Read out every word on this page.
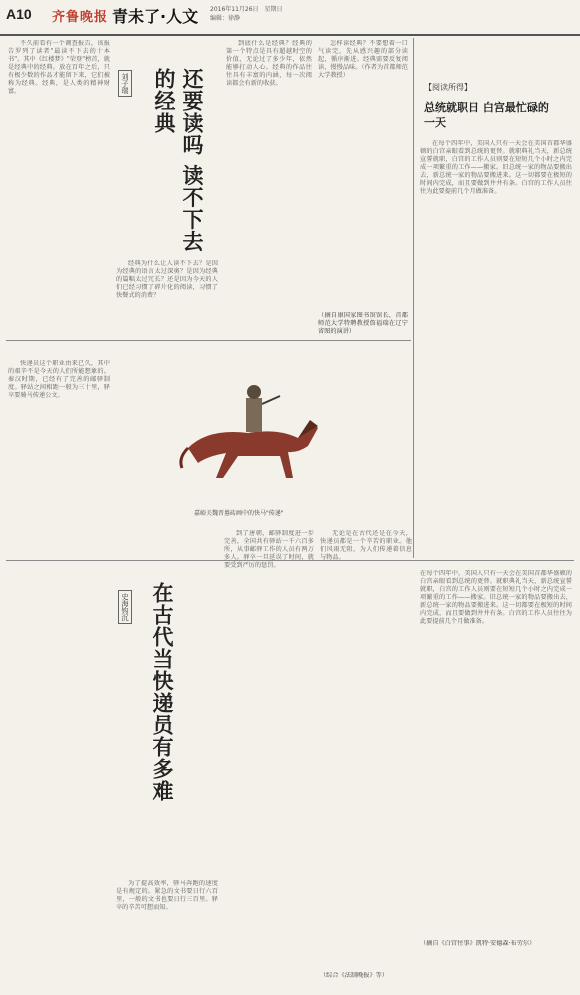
A10 齐鲁晚报 青未了·人文 2016年11月26日　星期日
编辑：徐静
还要读吗 读不下去的经典
刘子瑞

不久前看有一个调查报告，该报告罗列了读者"最读不下去的十本书"。其中《红楼梦》"荣登"榜首，就是经典中的经典。放在百年之后，只有极少数的作品才能留下来，它们被称为经典。经典，是人类的精神财富。

经典为什么让人读不下去？是因为经典的语言太过深奥？是因为经典的篇幅太过冗长？还是因为今天的人们已经习惯了碎片化的阅读，习惯了快餐式的消费？

到底什么是经典？经典的第一个特点是具有超越时空的价值，无论过了多少年，依然能够打动人心。经典的作品往往具有丰富的内涵，每一次阅读都会有新的收获。

怎样读经典？不要想着一口气读完，先从感兴趣的部分读起，循序渐进。经典需要反复阅读，慢慢品味。（作者为首都师范大学教授）

（摘自康国家图书馆馆长，首都师范大学特聘教授詹福瑞在辽宁省图的演讲）

【阅读所得】
总统就职日 白宫最忙碌的一天

在每个四年中，美国人只有一天会在美国首都华盛顿的白宫亲眼看到总统的更替。就职典礼当天，新总统宣誓就职，白宫的工作人员则要在短短几个小时之内完成一项繁重的工作——搬家。旧总统一家的物品要搬出去，新总统一家的物品要搬进来。这一切都要在极短的时间内完成，而且要做到井井有条。白宫的工作人员往往为此要提前几个月做准备。

（摘自《白宫往事》凯特·安德森·布劳尔）

在每个四年中，美国人只有一天会在美国首都华盛顿的白宫亲眼看到总统的更替。就职典礼当天，新总统宣誓就职，白宫的工作人员则要在短短几个小时之内完成一项繁重的工作——搬家。旧总统一家的物品要搬出去，新总统一家的物品要搬进来。这一切都要在极短的时间内完成，而且要做到井井有条。白宫的工作人员往往为此要提前几个月做准备。

嘉峪关魏晋墓砖画中的快马"传递"
在古代当快递员有多难
史海钩沉

快递员这个职业由来已久，其中的艰辛不是今天的人们所能想象的。秦汉时期，已经有了完善的邮驿制度。驿站之间相距一般为三十里，驿卒要骑马传递公文。

为了提高效率，驿马奔跑的速度是有规定的。紧急的文书要日行六百里，一般的文书也要日行三百里。驿卒的辛苦可想而知。

到了唐朝，邮驿制度进一步完善，全国共有驿站一千六百多所，从事邮驿工作的人员有两万多人。驿卒一旦延误了时间，就要受到严厉的惩罚。

无论是在古代还是在今天，快递员都是一个辛苦的职业。他们风雨无阻，为人们传递着信息与物品。

（综合《法制晚报》等）
